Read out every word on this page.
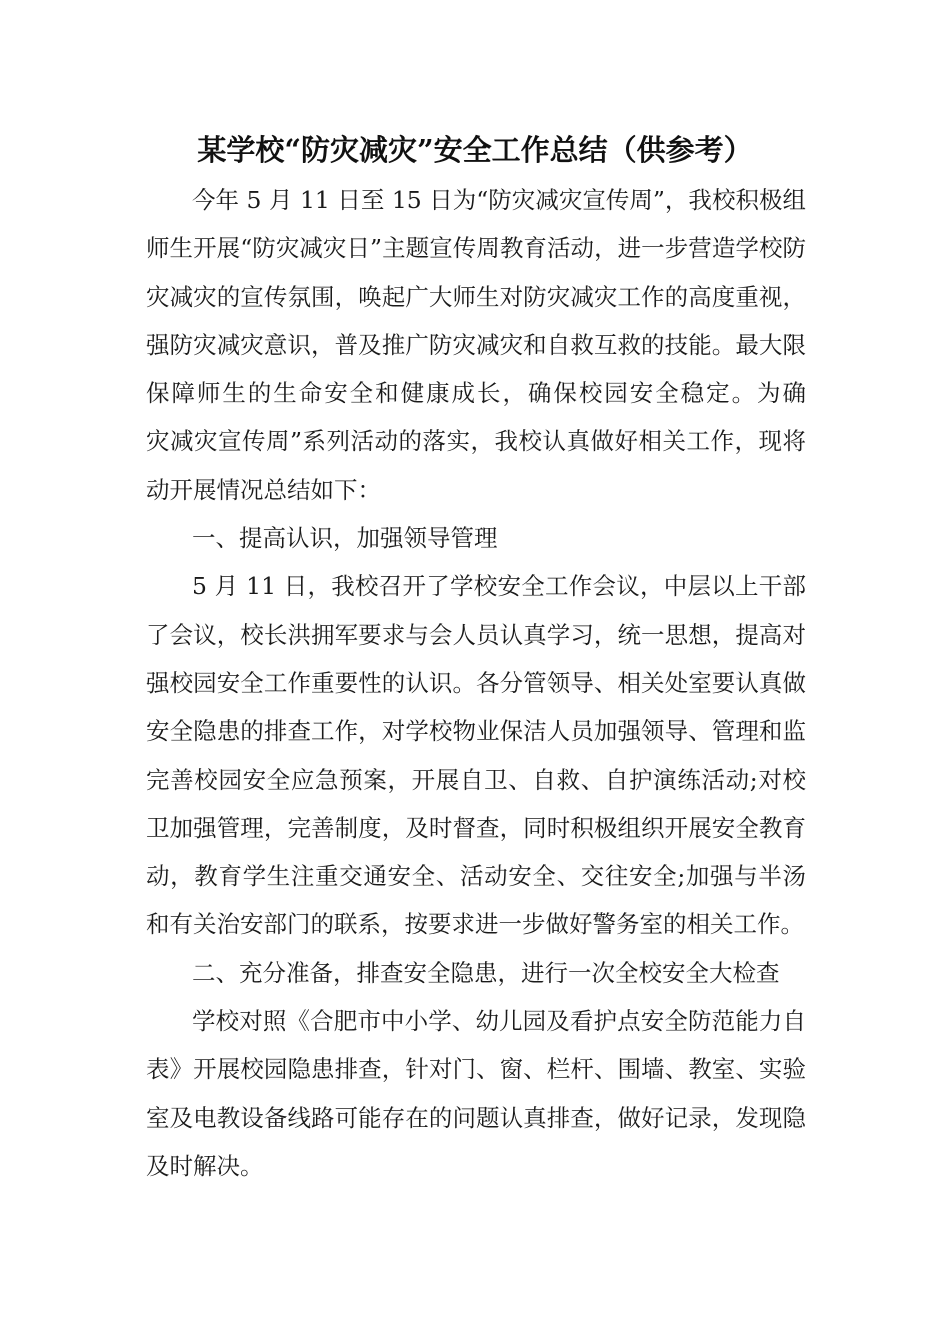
某学校“防灾减灾”安全工作总结（供参考）
今年 5 月 11 日至 15 日为“防灾减灾宣传周”，我校积极组
师生开展“防灾减灾日”主题宣传周教育活动，进一步营造学校防
灾减灾的宣传氛围，唤起广大师生对防灾减灾工作的高度重视，
强防灾减灾意识，普及推广防灾减灾和自救互救的技能。最大限
保障师生的生命安全和健康成长，确保校园安全稳定。为确
灾减灾宣传周”系列活动的落实，我校认真做好相关工作，现将
动开展情况总结如下：
一、提高认识，加强领导管理
5 月 11 日，我校召开了学校安全工作会议，中层以上干部
了会议，校长洪拥军要求与会人员认真学习，统一思想，提高对
强校园安全工作重要性的认识。各分管领导、相关处室要认真做
安全隐患的排查工作，对学校物业保洁人员加强领导、管理和监
完善校园安全应急预案，开展自卫、自救、自护演练活动;对校
卫加强管理，完善制度，及时督查，同时积极组织开展安全教育
动，教育学生注重交通安全、活动安全、交往安全;加强与半汤
和有关治安部门的联系，按要求进一步做好警务室的相关工作。
二、充分准备，排查安全隐患，进行一次全校安全大检查
学校对照《合肥市中小学、幼儿园及看护点安全防范能力自
表》开展校园隐患排查，针对门、窗、栏杆、围墙、教室、实验
室及电教设备线路可能存在的问题认真排查，做好记录，发现隐
及时解决。
